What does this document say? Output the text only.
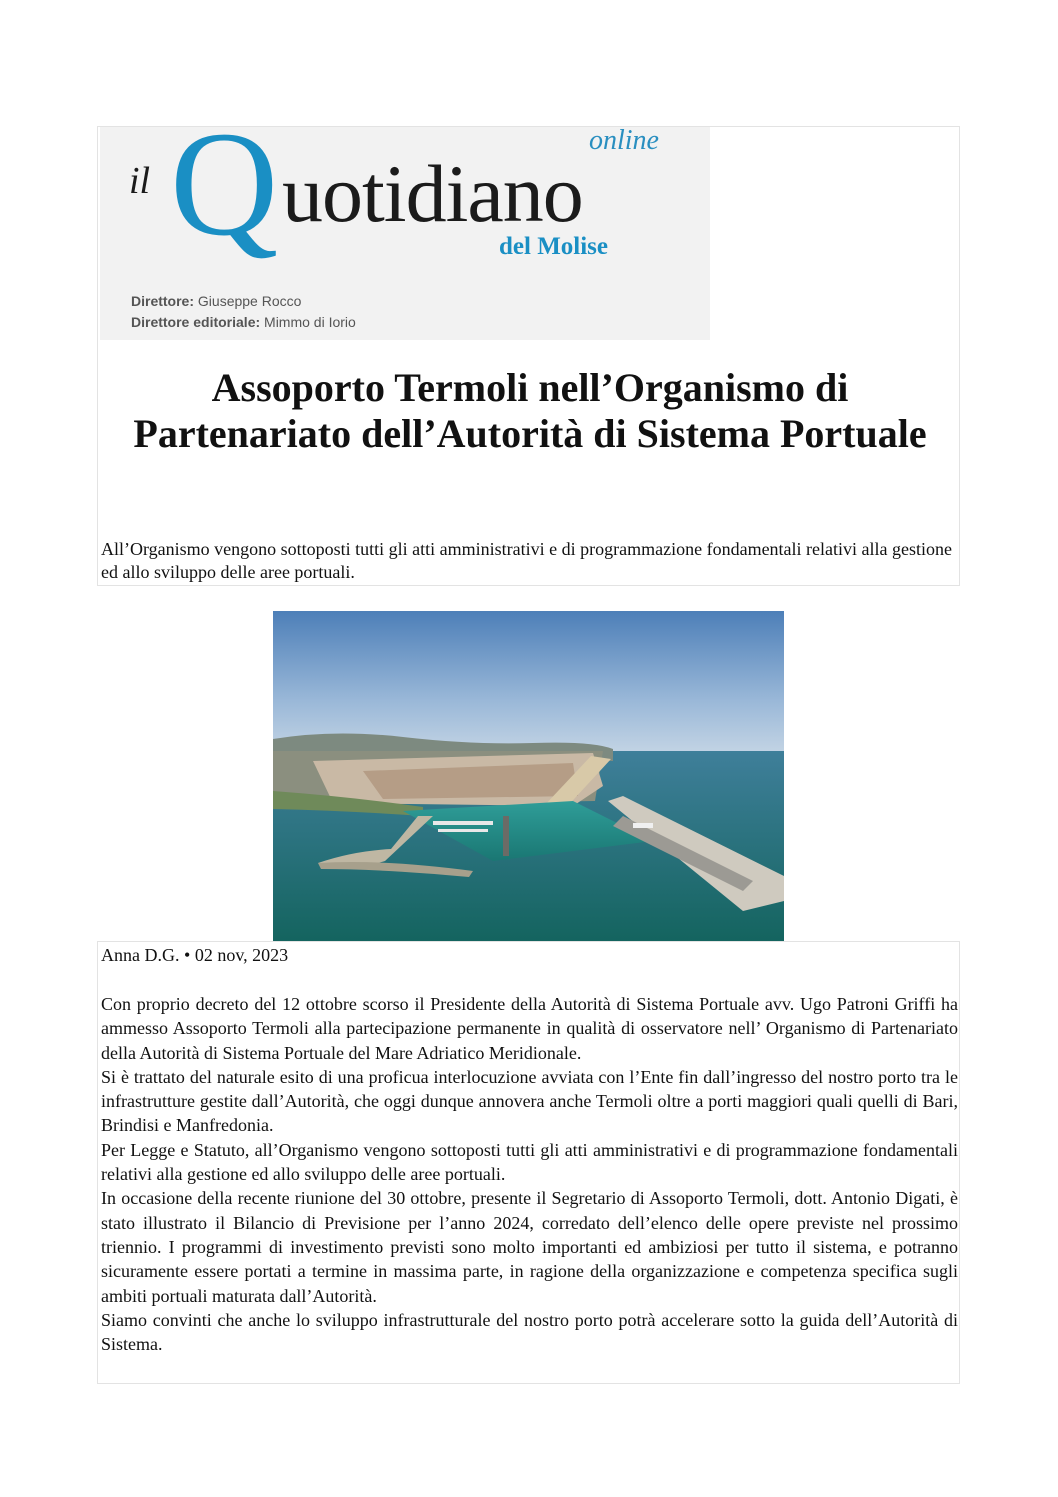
il Q uotidiano
online
del Molise
Direttore: Giuseppe Rocco
Direttore editoriale: Mimmo di Iorio
Assoporto Termoli nell’Organismo di Partenariato dell’Autorità di Sistema Portuale

All’Organismo vengono sottoposti tutti gli atti amministrativi e di programmazione fondamentali relativi alla gestione ed allo sviluppo delle aree portuali.

Anna D.G. • 02 nov, 2023

Con proprio decreto del 12 ottobre scorso il Presidente della Autorità di Sistema Portuale avv. Ugo Patroni Griffi ha ammesso Assoporto Termoli alla partecipazione permanente in qualità di osservatore nell’ Organismo di Partenariato della Autorità di Sistema Portuale del Mare Adriatico Meridionale.

Si è trattato del naturale esito di una proficua interlocuzione avviata con l’Ente fin dall’ingresso del nostro porto tra le infrastrutture gestite dall’Autorità, che oggi dunque annovera anche Termoli oltre a porti maggiori quali quelli di Bari, Brindisi e Manfredonia.

Per Legge e Statuto, all’Organismo vengono sottoposti tutti gli atti amministrativi e di programmazione fondamentali relativi alla gestione ed allo sviluppo delle aree portuali.

In occasione della recente riunione del 30 ottobre, presente il Segretario di Assoporto Termoli, dott. Antonio Digati, è stato illustrato il Bilancio di Previsione per l’anno 2024, corredato dell’elenco delle opere previste nel prossimo triennio. I programmi di investimento previsti sono molto importanti ed ambiziosi per tutto il sistema, e potranno sicuramente essere portati a termine in massima parte, in ragione della organizzazione e competenza specifica sugli ambiti portuali maturata dall’Autorità.

Siamo convinti che anche lo sviluppo infrastrutturale del nostro porto potrà accelerare sotto la guida dell’Autorità di Sistema.
